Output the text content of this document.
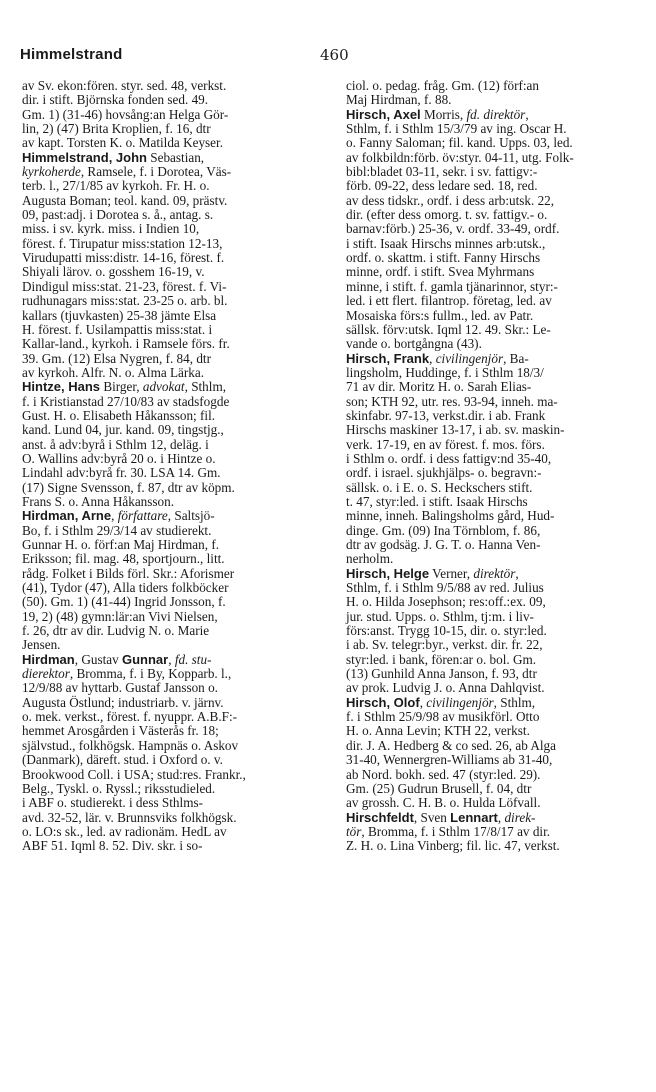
Himmelstrand	460
av Sv. ekon:fören. styr. sed. 48, verkst.
dir. i stift. Björnska fonden sed. 49.
Gm. 1) (31-46) hovsång:an Helga Gör-
lin, 2) (47) Brita Kroplien, f. 16, dtr
av kapt. Torsten K. o. Matilda Keyser.
Himmelstrand, John Sebastian,
kyrkoherde, Ramsele, f. i Dorotea, Väs-
terb. l., 27/1/85 av kyrkoh. Fr. H. o.
Augusta Boman; teol. kand. 09, prästv.
09, past:adj. i Dorotea s. å., antag. s.
miss. i sv. kyrk. miss. i Indien 10,
förest. f. Tirupatur miss:station 12-13,
Virudupatti miss:distr. 14-16, förest. f.
Shiyali lärov. o. gosshem 16-19, v.
Dindigul miss:stat. 21-23, förest. f. Vi-
rudhunagars miss:stat. 23-25 o. arb. bl.
kallars (tjuvkasten) 25-38 jämte Elsa
H. förest. f. Usilampattis miss:stat. i
Kallar-land., kyrkoh. i Ramsele förs. fr.
39. Gm. (12) Elsa Nygren, f. 84, dtr
av kyrkoh. Alfr. N. o. Alma Lärka.
Hintze, Hans Birger, advokat, Sthlm,
f. i Kristianstad 27/10/83 av stadsfogde
Gust. H. o. Elisabeth Håkansson; fil.
kand. Lund 04, jur. kand. 09, tingstjg.,
anst. å adv:byrå i Sthlm 12, deläg. i
O. Wallins adv:byrå 20 o. i Hintze o.
Lindahl adv:byrå fr. 30. LSA 14. Gm.
(17) Signe Svensson, f. 87, dtr av köpm.
Frans S. o. Anna Håkansson.
Hirdman, Arne, författare, Saltsjö-
Bo, f. i Sthlm 29/3/14 av studierekt.
Gunnar H. o. förf:an Maj Hirdman, f.
Eriksson; fil. mag. 48, sportjourn., litt.
rådg. Folket i Bilds förl. Skr.: Aforismer
(41), Tydor (47), Alla tiders folkböcker
(50). Gm. 1) (41-44) Ingrid Jonsson, f.
19, 2) (48) gymn:lär:an Vivi Nielsen,
f. 26, dtr av dir. Ludvig N. o. Marie
Jensen.
Hirdman, Gustav Gunnar, fd. stu-
dierektor, Bromma, f. i By, Kopparb. l.,
12/9/88 av hyttarb. Gustaf Jansson o.
Augusta Östlund; industriarb. v. järnv.
o. mek. verkst., förest. f. nyuppr. A.B.F:-
hemmet Arosgården i Västerås fr. 18;
självstud., folkhögsk. Hampnäs o. Askov
(Danmark), däreft. stud. i Oxford o. v.
Brookwood Coll. i USA; stud:res. Frankr.,
Belg., Tyskl. o. Ryssl.; riksstudieled.
i ABF o. studierekt. i dess Sthlms-
avd. 32-52, lär. v. Brunnsviks folkhögsk.
o. LO:s sk., led. av radionäm. HedL av
ABF 51. Iqml 8. 52. Div. skr. i so-
ciol. o. pedag. fråg. Gm. (12) förf:an
Maj Hirdman, f. 88.
Hirsch, Axel Morris, fd. direktör,
Sthlm, f. i Sthlm 15/3/79 av ing. Oscar H.
o. Fanny Saloman; fil. kand. Upps. 03, led.
av folkbildn:förb. öv:styr. 04-11, utg. Folk-
bibl:bladet 03-11, sekr. i sv. fattigv:-
förb. 09-22, dess ledare sed. 18, red.
av dess tidskr., ordf. i dess arb:utsk. 22,
dir. (efter dess omorg. t. sv. fattigv.- o.
barnav:förb.) 25-36, v. ordf. 33-49, ordf.
i stift. Isaak Hirschs minnes arb:utsk.,
ordf. o. skattm. i stift. Fanny Hirschs
minne, ordf. i stift. Svea Myhrmans
minne, i stift. f. gamla tjänarinnor, styr:-
led. i ett flert. filantrop. företag, led. av
Mosaiska förs:s fullm., led. av Patr.
sällsk. förv:utsk. Iqml 12. 49. Skr.: Le-
vande o. bortgångna (43).
Hirsch, Frank, civilingenjör, Ba-
lingsholm, Huddinge, f. i Sthlm 18/3/
71 av dir. Moritz H. o. Sarah Elias-
son; KTH 92, utr. res. 93-94, inneh. ma-
skinfabr. 97-13, verkst.dir. i ab. Frank
Hirschs maskiner 13-17, i ab. sv. maskin-
verk. 17-19, en av förest. f. mos. förs.
i Sthlm o. ordf. i dess fattigv:nd 35-40,
ordf. i israel. sjukhjälps- o. begravn:-
sällsk. o. i E. o. S. Heckschers stift.
t. 47, styr:led. i stift. Isaak Hirschs
minne, inneh. Balingsholms gård, Hud-
dinge. Gm. (09) Ina Törnblom, f. 86,
dtr av godsäg. J. G. T. o. Hanna Ven-
nerholm.
Hirsch, Helge Verner, direktör,
Sthlm, f. i Sthlm 9/5/88 av red. Julius
H. o. Hilda Josephson; res:off.:ex. 09,
jur. stud. Upps. o. Sthlm, tj:m. i liv-
förs:anst. Trygg 10-15, dir. o. styr:led.
i ab. Sv. telegr:byr., verkst. dir. fr. 22,
styr:led. i bank, fören:ar o. bol. Gm.
(13) Gunhild Anna Janson, f. 93, dtr
av prok. Ludvig J. o. Anna Dahlqvist.
Hirsch, Olof, civilingenjör, Sthlm,
f. i Sthlm 25/9/98 av musikförl. Otto
H. o. Anna Levin; KTH 22, verkst.
dir. J. A. Hedberg & co sed. 26, ab Alga
31-40, Wennergren-Williams ab 31-40,
ab Nord. bokh. sed. 47 (styr:led. 29).
Gm. (25) Gudrun Brusell, f. 04, dtr
av grossh. C. H. B. o. Hulda Löfvall.
Hirschfeldt, Sven Lennart, direk-
tör, Bromma, f. i Sthlm 17/8/17 av dir.
Z. H. o. Lina Vinberg; fil. lic. 47, verkst.
